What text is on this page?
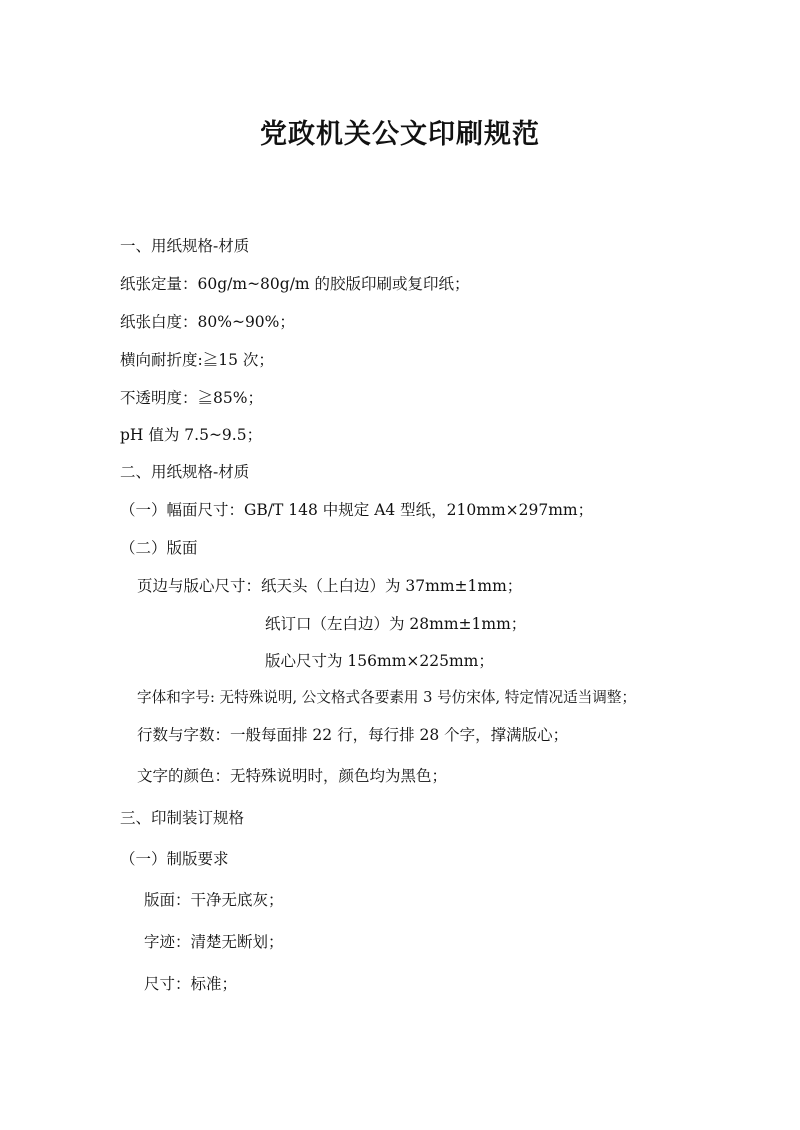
党政机关公文印刷规范
一、用纸规格-材质
纸张定量：60g/m~80g/m 的胶版印刷或复印纸；
纸张白度：80%~90%；
横向耐折度:≧15 次；
不透明度：≧85%；
pH 值为 7.5~9.5；
二、用纸规格-材质
（一）幅面尺寸：GB/T 148 中规定 A4 型纸，210mm×297mm；
（二）版面
页边与版心尺寸：纸天头（上白边）为 37mm±1mm；
纸订口（左白边）为 28mm±1mm；
版心尺寸为 156mm×225mm；
字体和字号: 无特殊说明, 公文格式各要素用 3 号仿宋体, 特定情况适当调整；
行数与字数：一般每面排 22 行，每行排 28 个字，撑满版心；
文字的颜色：无特殊说明时，颜色均为黑色；
三、印制装订规格
（一）制版要求
版面：干净无底灰；
字迹：清楚无断划；
尺寸：标准；
